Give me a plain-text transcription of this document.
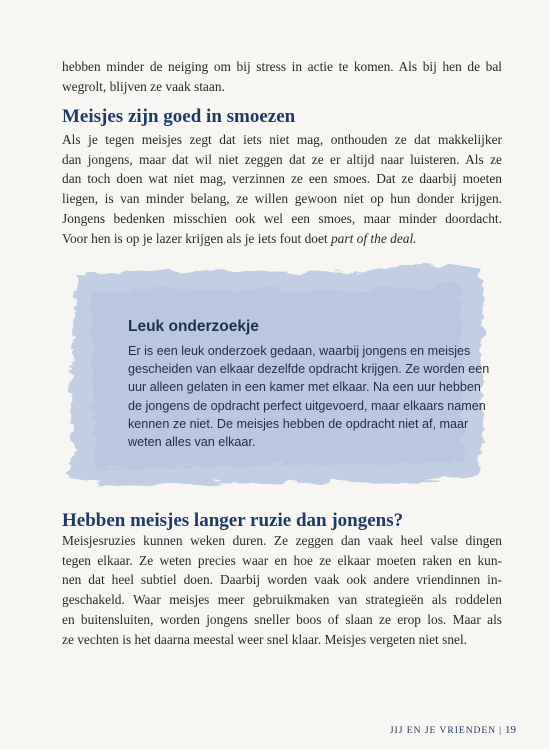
hebben minder de neiging om bij stress in actie te komen. Als bij hen de bal
wegrolt, blijven ze vaak staan.

Meisjes zijn goed in smoezen

Als je tegen meisjes zegt dat iets niet mag, onthouden ze dat makkelijker
dan jongens, maar dat wil niet zeggen dat ze er altijd naar luisteren. Als ze
dan toch doen wat niet mag, verzinnen ze een smoes. Dat ze daarbij moeten
liegen, is van minder belang, ze willen gewoon niet op hun donder krijgen.
Jongens bedenken misschien ook wel een smoes, maar minder doordacht.
Voor hen is op je lazer krijgen als je iets fout doet part of the deal.

Leuk onderzoekje

Er is een leuk onderzoek gedaan, waarbij jongens en meisjes
gescheiden van elkaar dezelfde opdracht krijgen. Ze worden een
uur alleen gelaten in een kamer met elkaar. Na een uur hebben
de jongens de opdracht perfect uitgevoerd, maar elkaars namen
kennen ze niet. De meisjes hebben de opdracht niet af, maar
weten alles van elkaar.

Hebben meisjes langer ruzie dan jongens?

Meisjesruzies kunnen weken duren. Ze zeggen dan vaak heel valse dingen
tegen elkaar. Ze weten precies waar en hoe ze elkaar moeten raken en kun-
nen dat heel subtiel doen. Daarbij worden vaak ook andere vriendinnen in-
geschakeld. Waar meisjes meer gebruikmaken van strategieën als roddelen
en buitensluiten, worden jongens sneller boos of slaan ze erop los. Maar als
ze vechten is het daarna meestal weer snel klaar. Meisjes vergeten niet snel.

JIJ EN JE VRIENDEN | 19
